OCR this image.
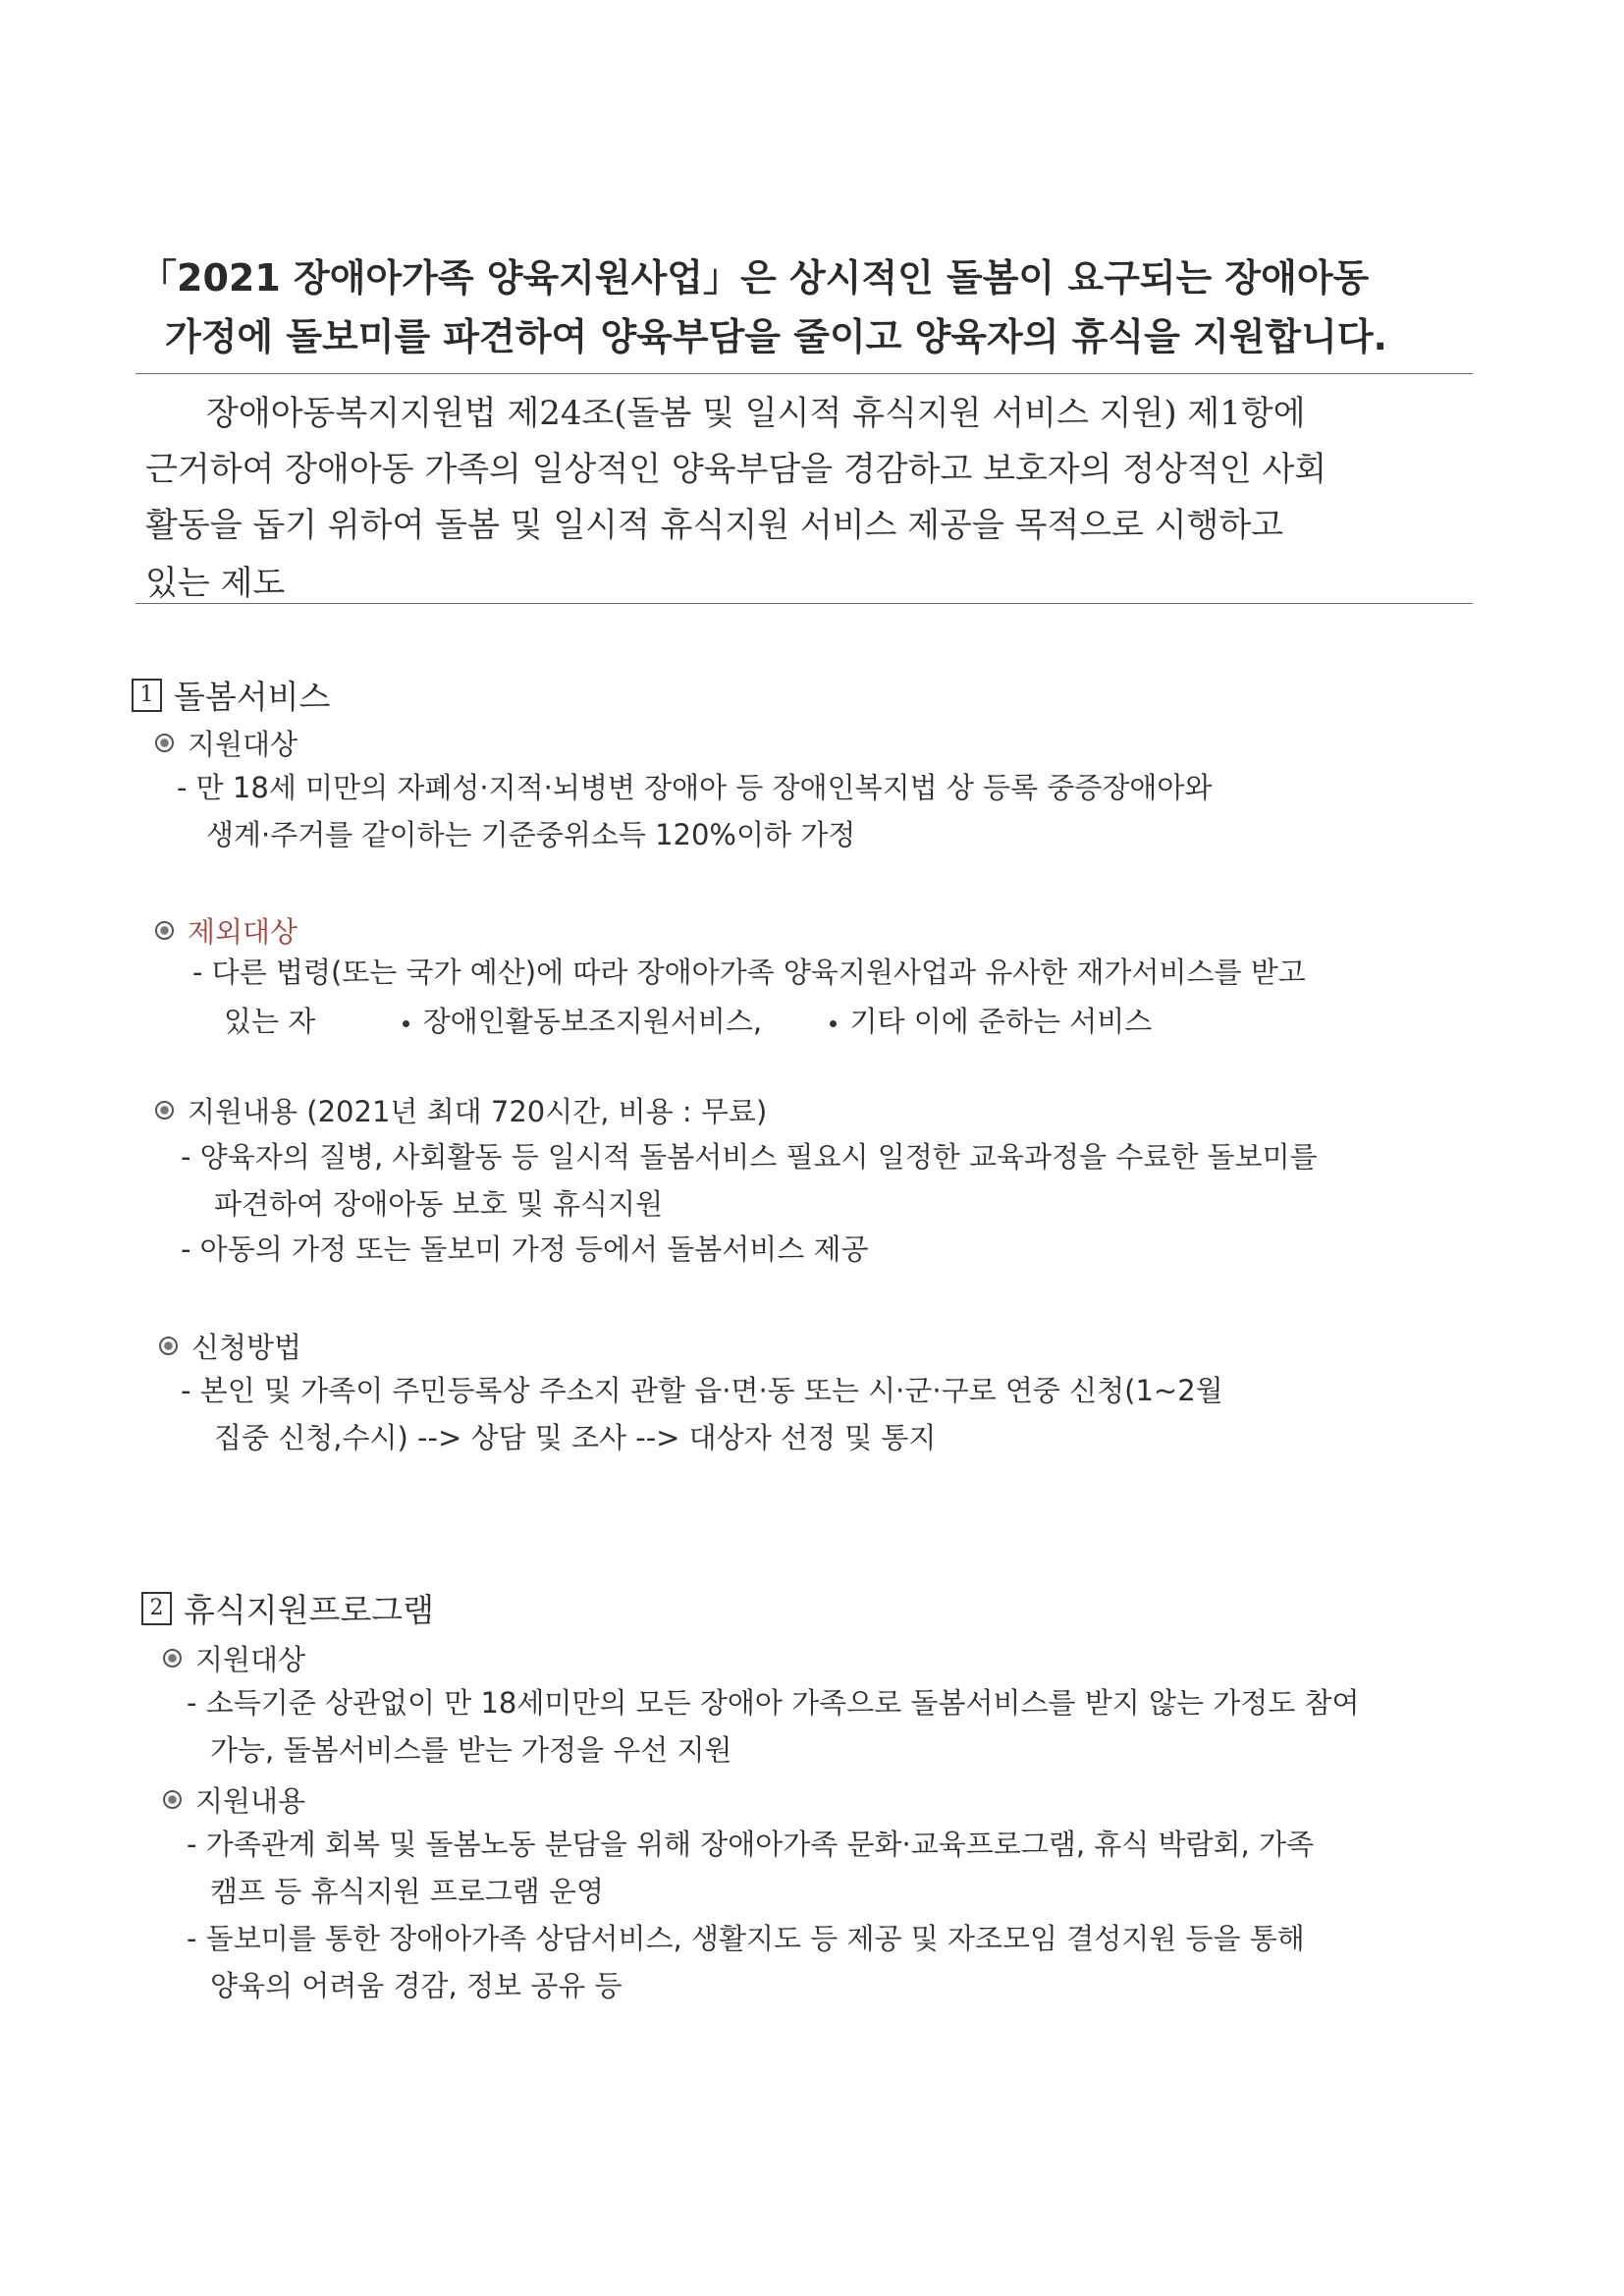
「2021 장애아가족 양육지원사업」은 상시적인 돌봄이 요구되는 장애아동
가정에 돌보미를 파견하여 양육부담을 줄이고 양육자의 휴식을 지원합니다.
장애아동복지지원법 제24조(돌봄 및 일시적 휴식지원 서비스 지원) 제1항에
근거하여 장애아동 가족의 일상적인 양육부담을 경감하고 보호자의 정상적인 사회
활동을 돕기 위하여 돌봄 및 일시적 휴식지원 서비스 제공을 목적으로 시행하고
있는 제도
1 돌봄서비스
지원대상
- 만 18세 미만의 자폐성·지적·뇌병변 장애아 등 장애인복지법 상 등록 중증장애아와
생계·주거를 같이하는 기준중위소득 120%이하 가정
제외대상
- 다른 법령(또는 국가 예산)에 따라 장애아가족 양육지원사업과 유사한 재가서비스를 받고
있는 자	장애인활동보조지원서비스,	기타 이에 준하는 서비스
지원내용 (2021년 최대 720시간, 비용 : 무료)
- 양육자의 질병, 사회활동 등 일시적 돌봄서비스 필요시 일정한 교육과정을 수료한 돌보미를
파견하여 장애아동 보호 및 휴식지원
- 아동의 가정 또는 돌보미 가정 등에서 돌봄서비스 제공
신청방법
- 본인 및 가족이 주민등록상 주소지 관할 읍·면·동 또는 시·군·구로 연중 신청(1~2월
집중 신청,수시) --> 상담 및 조사 --> 대상자 선정 및 통지
2 휴식지원프로그램
지원대상
- 소득기준 상관없이 만 18세미만의 모든 장애아 가족으로 돌봄서비스를 받지 않는 가정도 참여
가능, 돌봄서비스를 받는 가정을 우선 지원
지원내용
- 가족관계 회복 및 돌봄노동 분담을 위해 장애아가족 문화·교육프로그램, 휴식 박람회, 가족
캠프 등 휴식지원 프로그램 운영
- 돌보미를 통한 장애아가족 상담서비스, 생활지도 등 제공 및 자조모임 결성지원 등을 통해
양육의 어려움 경감, 정보 공유 등
